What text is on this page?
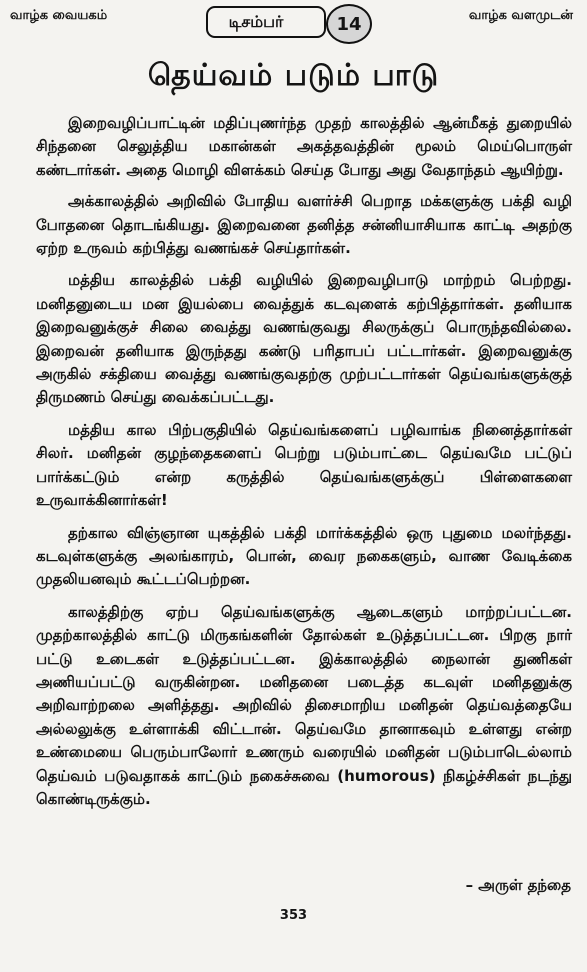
வாழ்க வையகம்	டிசம்பர்	14	வாழ்க வளமுடன்
தெய்வம் படும் பாடு

இறைவழிப்பாட்டின் மதிப்புணர்ந்த முதற் காலத்தில் ஆன்மீகத் துறையில் சிந்தனை செலுத்திய மகான்கள் அகத்தவத்தின் மூலம் மெய்பொருள் கண்டார்கள். அதை மொழி விளக்கம் செய்த போது அது வேதாந்தம் ஆயிற்று.

அக்காலத்தில் அறிவில் போதிய வளர்ச்சி பெறாத மக்களுக்கு பக்தி வழி போதனை தொடங்கியது. இறைவனை தனித்த சன்னியாசியாக காட்டி அதற்கு ஏற்ற உருவம் கற்பித்து வணங்கச் செய்தார்கள்.

மத்திய காலத்தில் பக்தி வழியில் இறைவழிபாடு மாற்றம் பெற்றது. மனிதனுடைய மன இயல்பை வைத்துக் கடவுளைக் கற்பித்தார்கள். தனியாக இறைவனுக்குச் சிலை வைத்து வணங்குவது சிலருக்குப் பொருந்தவில்லை. இறைவன் தனியாக இருந்தது கண்டு பரிதாபப் பட்டார்கள். இறைவனுக்கு அருகில் சக்தியை வைத்து வணங்குவதற்கு முற்பட்டார்கள் தெய்வங்களுக்குத் திருமணம் செய்து வைக்கப்பட்டது.

மத்திய கால பிற்பகுதியில் தெய்வங்களைப் பழிவாங்க நினைத்தார்கள் சிலர். மனிதன் குழந்தைகளைப் பெற்று படும்பாட்டை தெய்வமே பட்டுப் பார்க்கட்டும் என்ற கருத்தில் தெய்வங்களுக்குப் பிள்ளைகளை உருவாக்கினார்கள்!

தற்கால விஞ்ஞான யுகத்தில் பக்தி மார்க்கத்தில் ஒரு புதுமை மலர்ந்தது. கடவுள்களுக்கு அலங்காரம், பொன், வைர நகைகளும், வாண வேடிக்கை முதலியனவும் கூட்டப்பெற்றன.

காலத்திற்கு ஏற்ப தெய்வங்களுக்கு ஆடைகளும் மாற்றப்பட்டன. முதற்காலத்தில் காட்டு மிருகங்களின் தோல்கள் உடுத்தப்பட்டன. பிறகு நார் பட்டு உடைகள் உடுத்தப்பட்டன. இக்காலத்தில் நைலான் துணிகள் அணியப்பட்டு வருகின்றன. மனிதனை படைத்த கடவுள் மனிதனுக்கு அறிவாற்றலை அளித்தது. அறிவில் திசைமாறிய மனிதன் தெய்வத்தையே அல்லலுக்கு உள்ளாக்கி விட்டான். தெய்வமே தானாகவும் உள்ளது என்ற உண்மையை பெரும்பாலோர் உணரும் வரையில் மனிதன் படும்பாடெல்லாம் தெய்வம் படுவதாகக் காட்டும் நகைச்சுவை (humorous) நிகழ்ச்சிகள் நடந்து கொண்டிருக்கும்.

– அருள் தந்தை
353
